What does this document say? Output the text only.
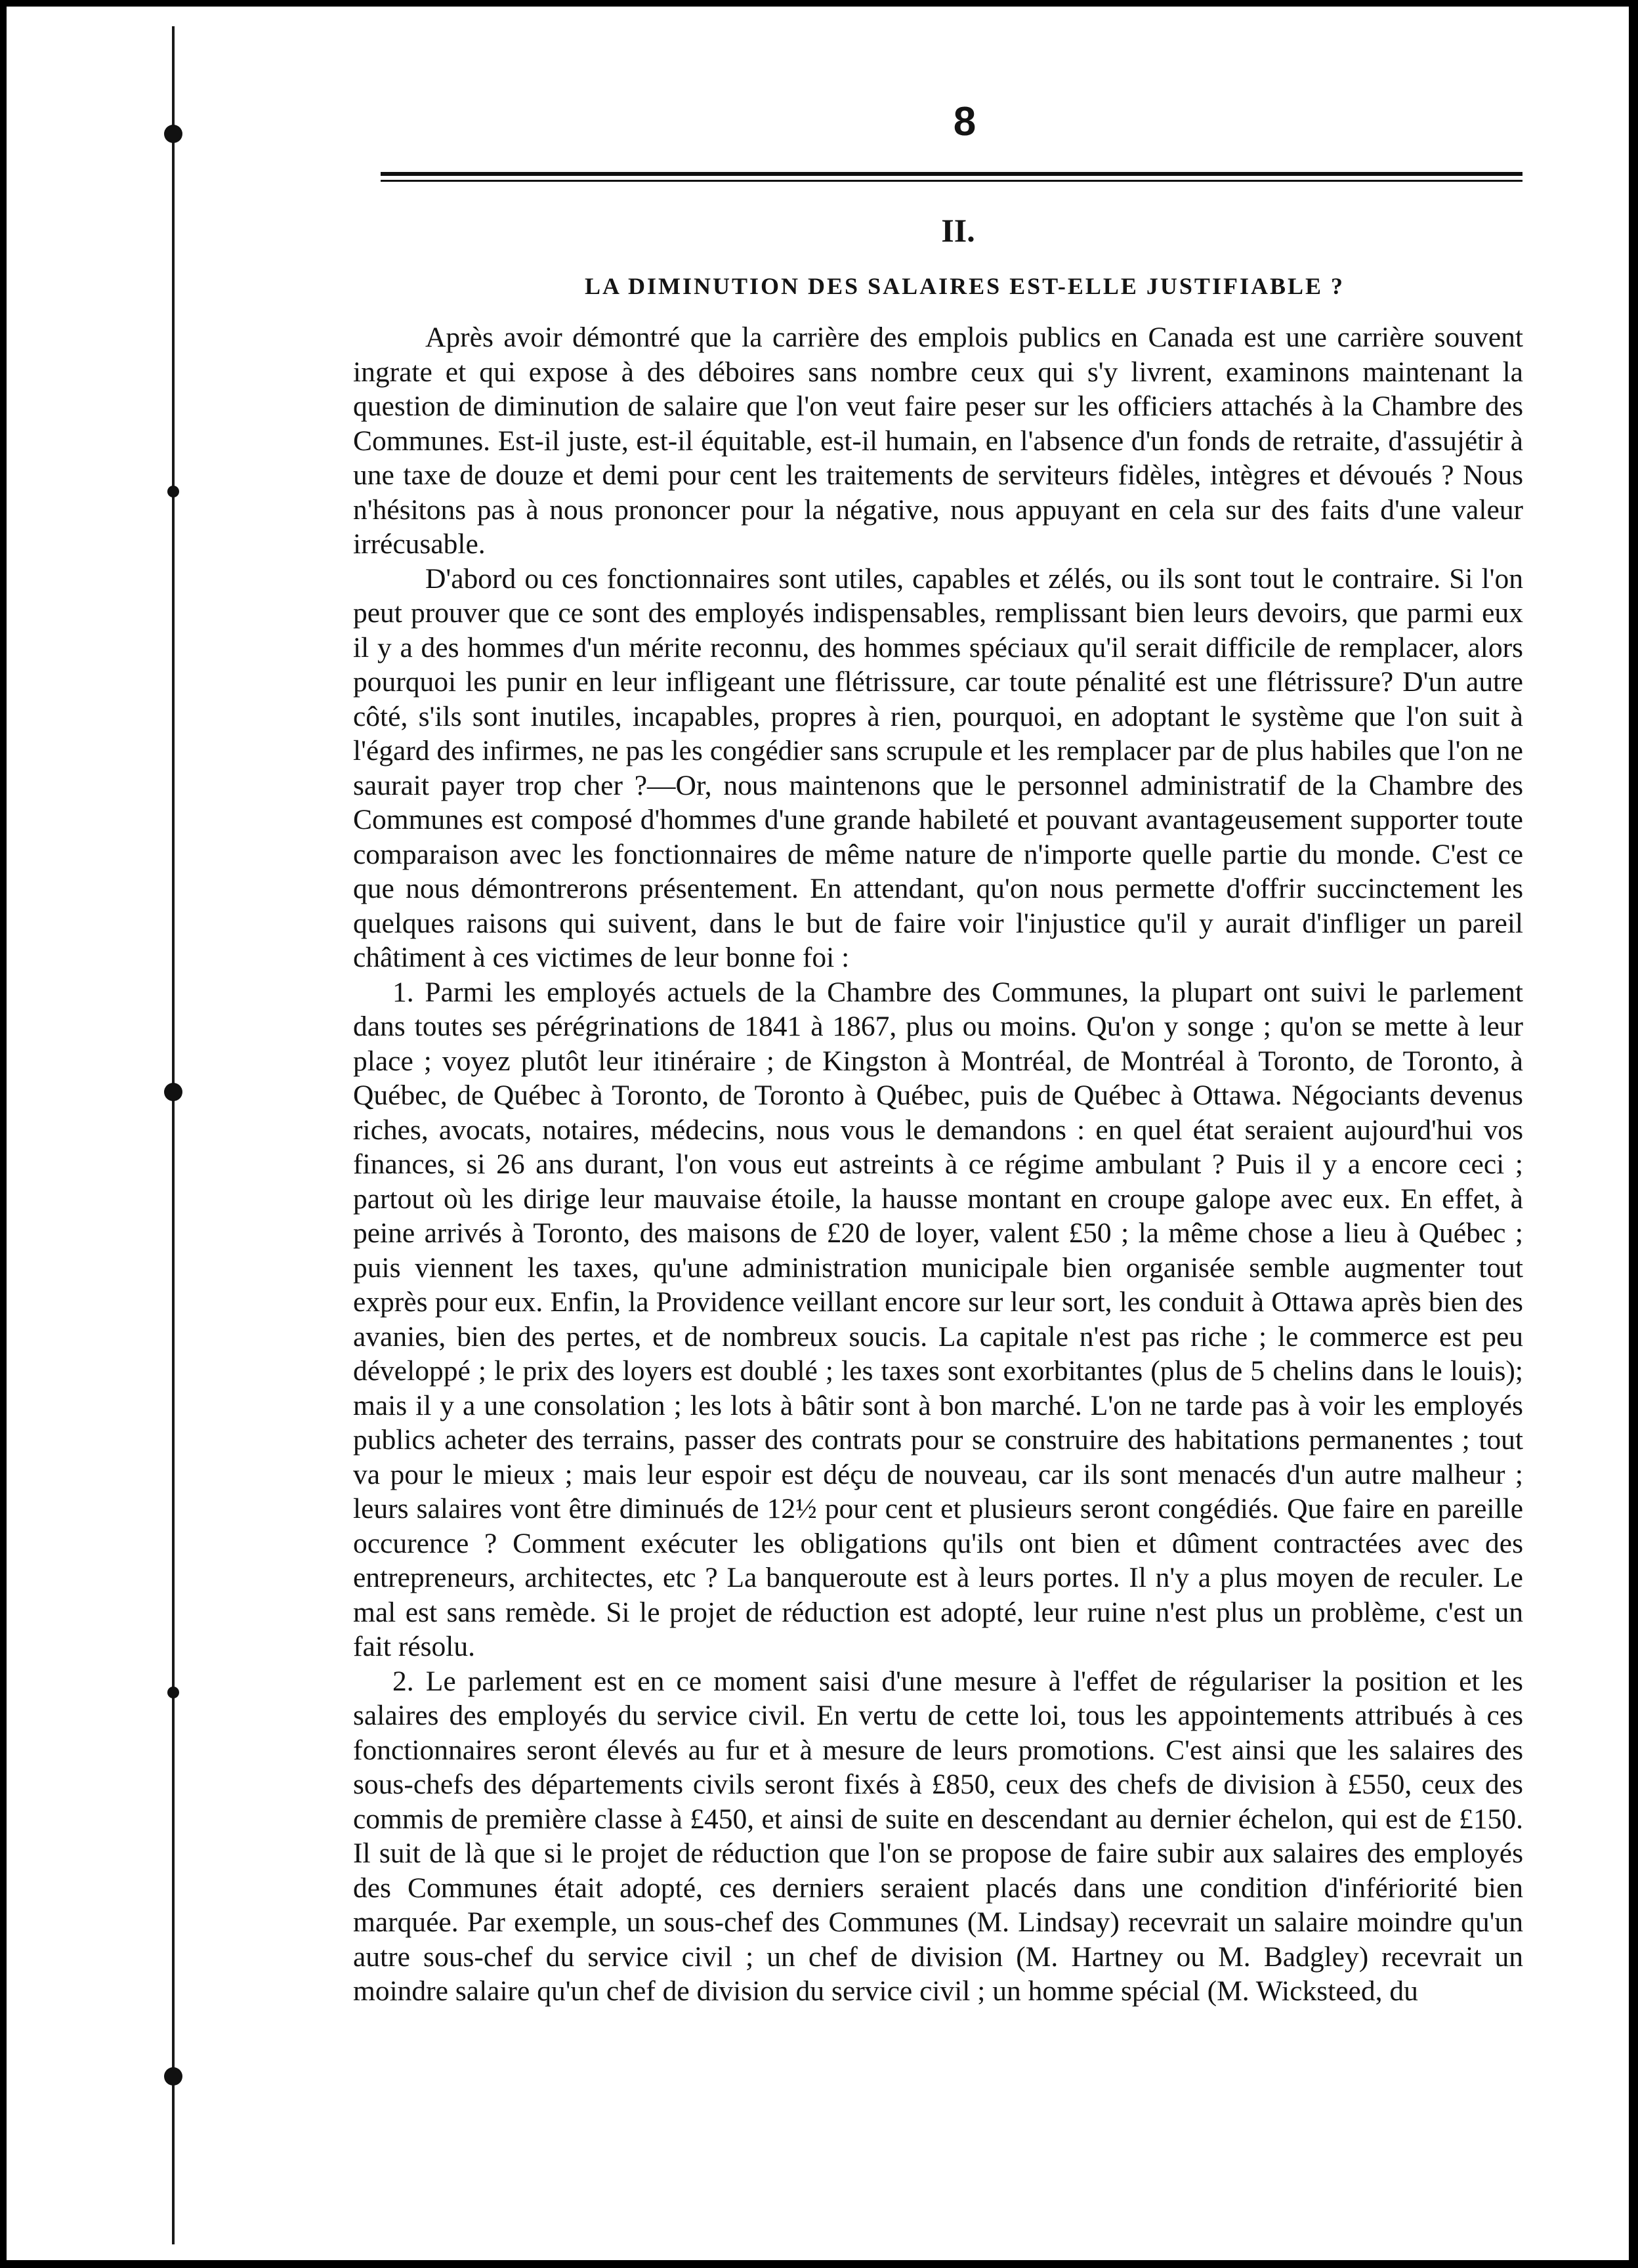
8
II.
LA DIMINUTION DES SALAIRES EST-ELLE JUSTIFIABLE ?

Après avoir démontré que la carrière des emplois publics en Canada est une carrière souvent ingrate et qui expose à des déboires sans nombre ceux qui s'y livrent, examinons maintenant la question de diminution de salaire que l'on veut faire peser sur les officiers attachés à la Chambre des Communes. Est-il juste, est-il équitable, est-il humain, en l'absence d'un fonds de retraite, d'assujétir à une taxe de douze et demi pour cent les traitements de serviteurs fidèles, intègres et dévoués ? Nous n'hésitons pas à nous prononcer pour la négative, nous appuyant en cela sur des faits d'une valeur irrécusable.

D'abord ou ces fonctionnaires sont utiles, capables et zélés, ou ils sont tout le contraire. Si l'on peut prouver que ce sont des employés indispensables, remplissant bien leurs devoirs, que parmi eux il y a des hommes d'un mérite reconnu, des hommes spéciaux qu'il serait difficile de remplacer, alors pourquoi les punir en leur infligeant une flétrissure, car toute pénalité est une flétrissure? D'un autre côté, s'ils sont inutiles, incapables, propres à rien, pourquoi, en adoptant le système que l'on suit à l'égard des infirmes, ne pas les congédier sans scrupule et les remplacer par de plus habiles que l'on ne saurait payer trop cher ?—Or, nous maintenons que le personnel administratif de la Chambre des Communes est composé d'hommes d'une grande habileté et pouvant avantageusement supporter toute comparaison avec les fonctionnaires de même nature de n'importe quelle partie du monde. C'est ce que nous démontrerons présentement. En attendant, qu'on nous permette d'offrir succinctement les quelques raisons qui suivent, dans le but de faire voir l'injustice qu'il y aurait d'infliger un pareil châtiment à ces victimes de leur bonne foi :

1. Parmi les employés actuels de la Chambre des Communes, la plupart ont suivi le parlement dans toutes ses pérégrinations de 1841 à 1867, plus ou moins. Qu'on y songe ; qu'on se mette à leur place ; voyez plutôt leur itinéraire ; de Kingston à Montréal, de Montréal à Toronto, de Toronto, à Québec, de Québec à Toronto, de Toronto à Québec, puis de Québec à Ottawa. Négociants devenus riches, avocats, notaires, médecins, nous vous le demandons : en quel état seraient aujourd'hui vos finances, si 26 ans durant, l'on vous eut astreints à ce régime ambulant ? Puis il y a encore ceci ; partout où les dirige leur mauvaise étoile, la hausse montant en croupe galope avec eux. En effet, à peine arrivés à Toronto, des maisons de £20 de loyer, valent £50 ; la même chose a lieu à Québec ; puis viennent les taxes, qu'une administration municipale bien organisée semble augmenter tout exprès pour eux. Enfin, la Providence veillant encore sur leur sort, les conduit à Ottawa après bien des avanies, bien des pertes, et de nombreux soucis. La capitale n'est pas riche ; le commerce est peu développé ; le prix des loyers est doublé ; les taxes sont exorbitantes (plus de 5 chelins dans le louis); mais il y a une consolation ; les lots à bâtir sont à bon marché. L'on ne tarde pas à voir les employés publics acheter des terrains, passer des contrats pour se construire des habitations permanentes ; tout va pour le mieux ; mais leur espoir est déçu de nouveau, car ils sont menacés d'un autre malheur ; leurs salaires vont être diminués de 12½ pour cent et plusieurs seront congédiés. Que faire en pareille occurence ? Comment exécuter les obligations qu'ils ont bien et dûment contractées avec des entrepreneurs, architectes, etc ? La banqueroute est à leurs portes. Il n'y a plus moyen de reculer. Le mal est sans remède. Si le projet de réduction est adopté, leur ruine n'est plus un problème, c'est un fait résolu.

2. Le parlement est en ce moment saisi d'une mesure à l'effet de régulariser la position et les salaires des employés du service civil. En vertu de cette loi, tous les appointements attribués à ces fonctionnaires seront élevés au fur et à mesure de leurs promotions. C'est ainsi que les salaires des sous-chefs des départements civils seront fixés à £850, ceux des chefs de division à £550, ceux des commis de première classe à £450, et ainsi de suite en descendant au dernier échelon, qui est de £150. Il suit de là que si le projet de réduction que l'on se propose de faire subir aux salaires des employés des Communes était adopté, ces derniers seraient placés dans une condition d'infériorité bien marquée. Par exemple, un sous-chef des Communes (M. Lindsay) recevrait un salaire moindre qu'un autre sous-chef du service civil ; un chef de division (M. Hartney ou M. Badgley) recevrait un moindre salaire qu'un chef de division du service civil ; un homme spécial (M. Wicksteed, du
